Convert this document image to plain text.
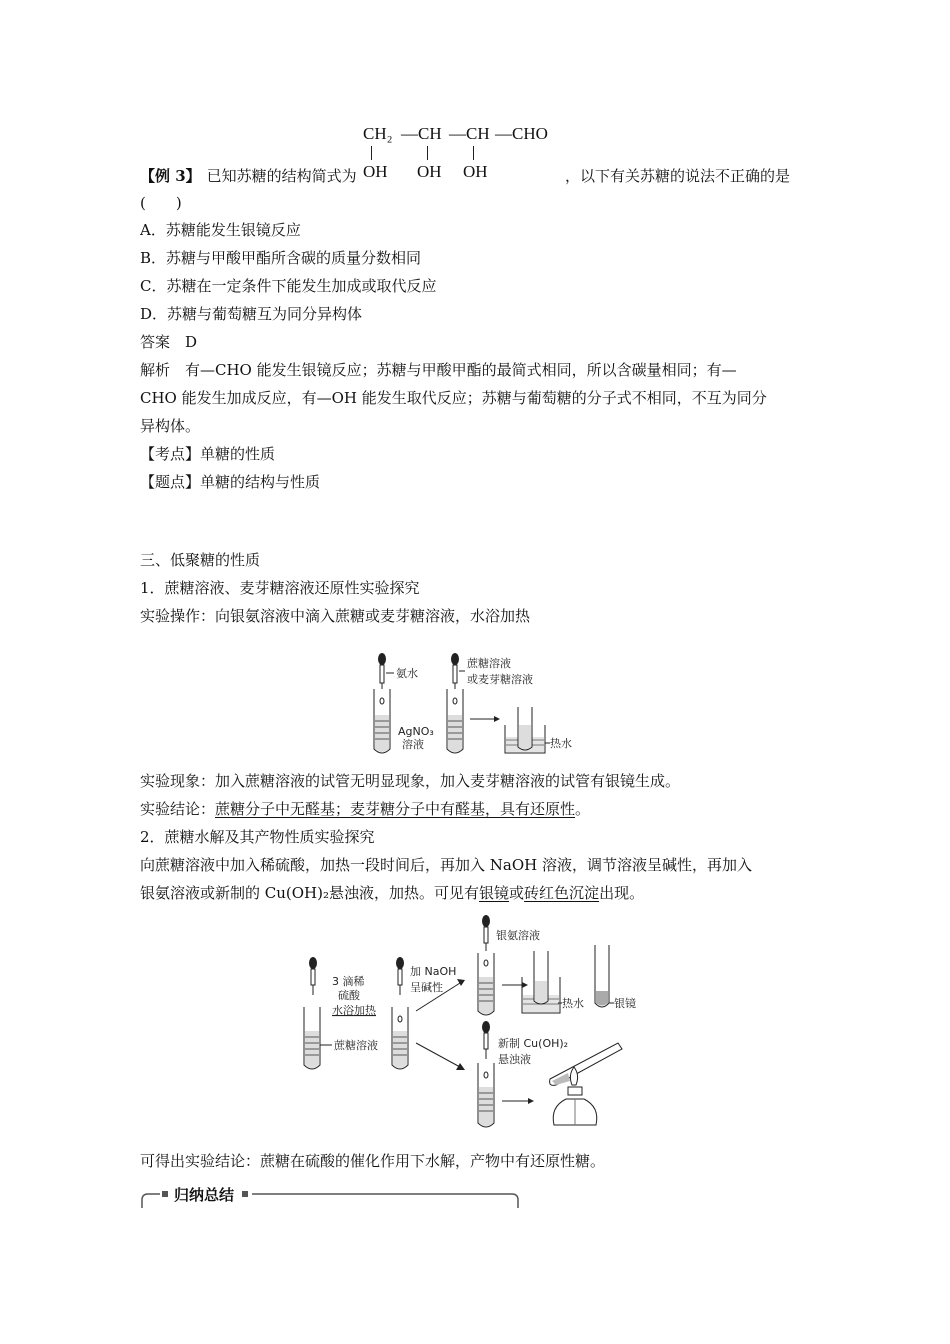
CH₂ —CH —CH —CHO
OH OH OH
【例 3】 已知苏糖的结构简式为	，以下有关苏糖的说法不正确的是
(　　)
A．苏糖能发生银镜反应
B．苏糖与甲酸甲酯所含碳的质量分数相同
C．苏糖在一定条件下能发生加成或取代反应
D．苏糖与葡萄糖互为同分异构体
答案　D
解析　有—CHO 能发生银镜反应；苏糖与甲酸甲酯的最简式相同，所以含碳量相同；有—
CHO 能发生加成反应，有—OH 能发生取代反应；苏糖与葡萄糖的分子式不相同，不互为同分
异构体。
【考点】单糖的性质
【题点】单糖的结构与性质
三、低聚糖的性质
1．蔗糖溶液、麦芽糖溶液还原性实验探究
实验操作：向银氨溶液中滴入蔗糖或麦芽糖溶液，水浴加热
氨水
AgNO₃
溶液
蔗糖溶液
或麦芽糖溶液
热水
实验现象：加入蔗糖溶液的试管无明显现象，加入麦芽糖溶液的试管有银镜生成。
实验结论：蔗糖分子中无醛基；麦芽糖分子中有醛基，具有还原性。
2．蔗糖水解及其产物性质实验探究
向蔗糖溶液中加入稀硫酸，加热一段时间后，再加入 NaOH 溶液，调节溶液呈碱性，再加入
银氨溶液或新制的 Cu(OH)₂悬浊液，加热。可见有银镜或砖红色沉淀出现。
3 滴稀
硫酸
水浴加热
蔗糖溶液
加 NaOH
呈碱性
银氨溶液
热水	银镜
新制 Cu(OH)₂
悬浊液
可得出实验结论：蔗糖在硫酸的催化作用下水解，产物中有还原性糖。
归纳总结
